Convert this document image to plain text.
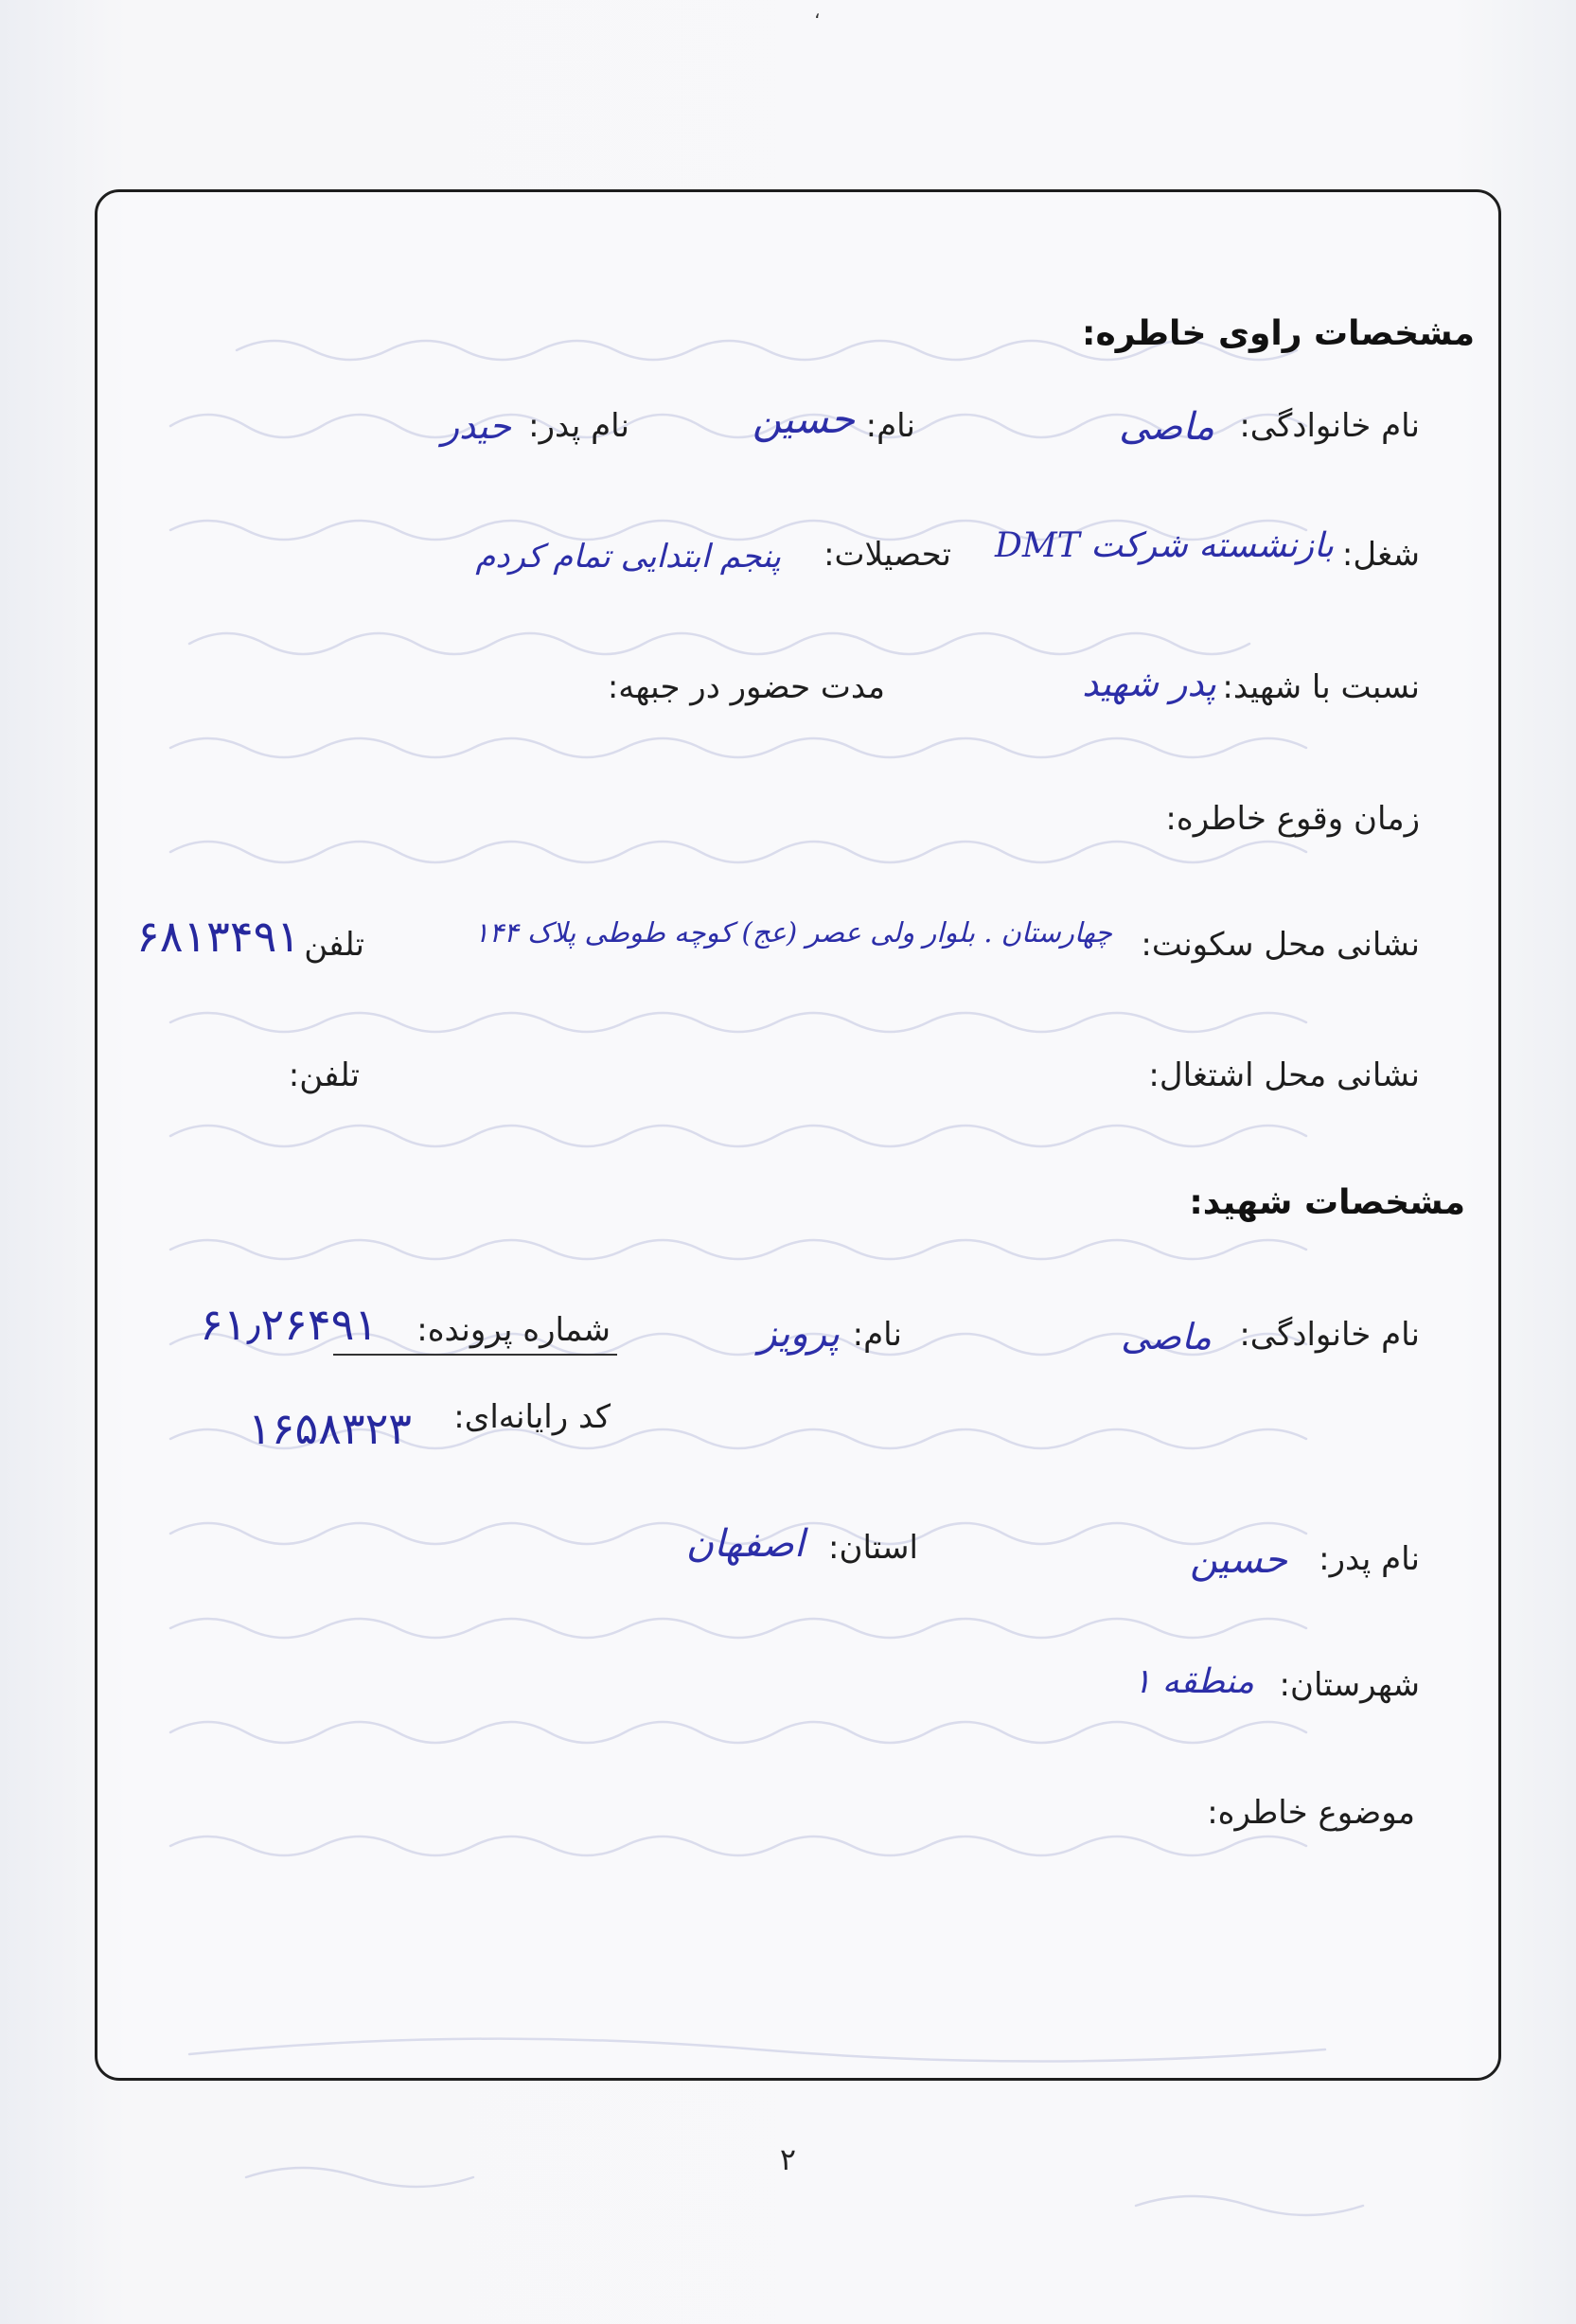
،
مشخصات راوی خاطره:
نام خانوادگی:
ماصی
نام:
حسین
نام پدر:
حیدر
شغل:
بازنشسته شرکت DMT
تحصیلات:
پنجم ابتدایی تمام کردم
نسبت با شهید:
پدر شهید
مدت حضور در جبهه:
زمان وقوع خاطره:
نشانی محل سکونت:
چهارستان . بلوار ولی عصر (عج) کوچه طوطی پلاک ۱۴۴
تلفن
۶۸۱۳۴۹۱
نشانی محل اشتغال:
تلفن:
مشخصات شهید:
نام خانوادگی:
ماصی
نام:
پرویز
شماره پرونده:
۶۱٫۲۶۴۹۱
کد رایانه‌ای:
۱۶۵۸۳۲۳
نام پدر:
حسین
استان:
اصفهان
شهرستان:
منطقه ۱
موضوع خاطره:
۲
